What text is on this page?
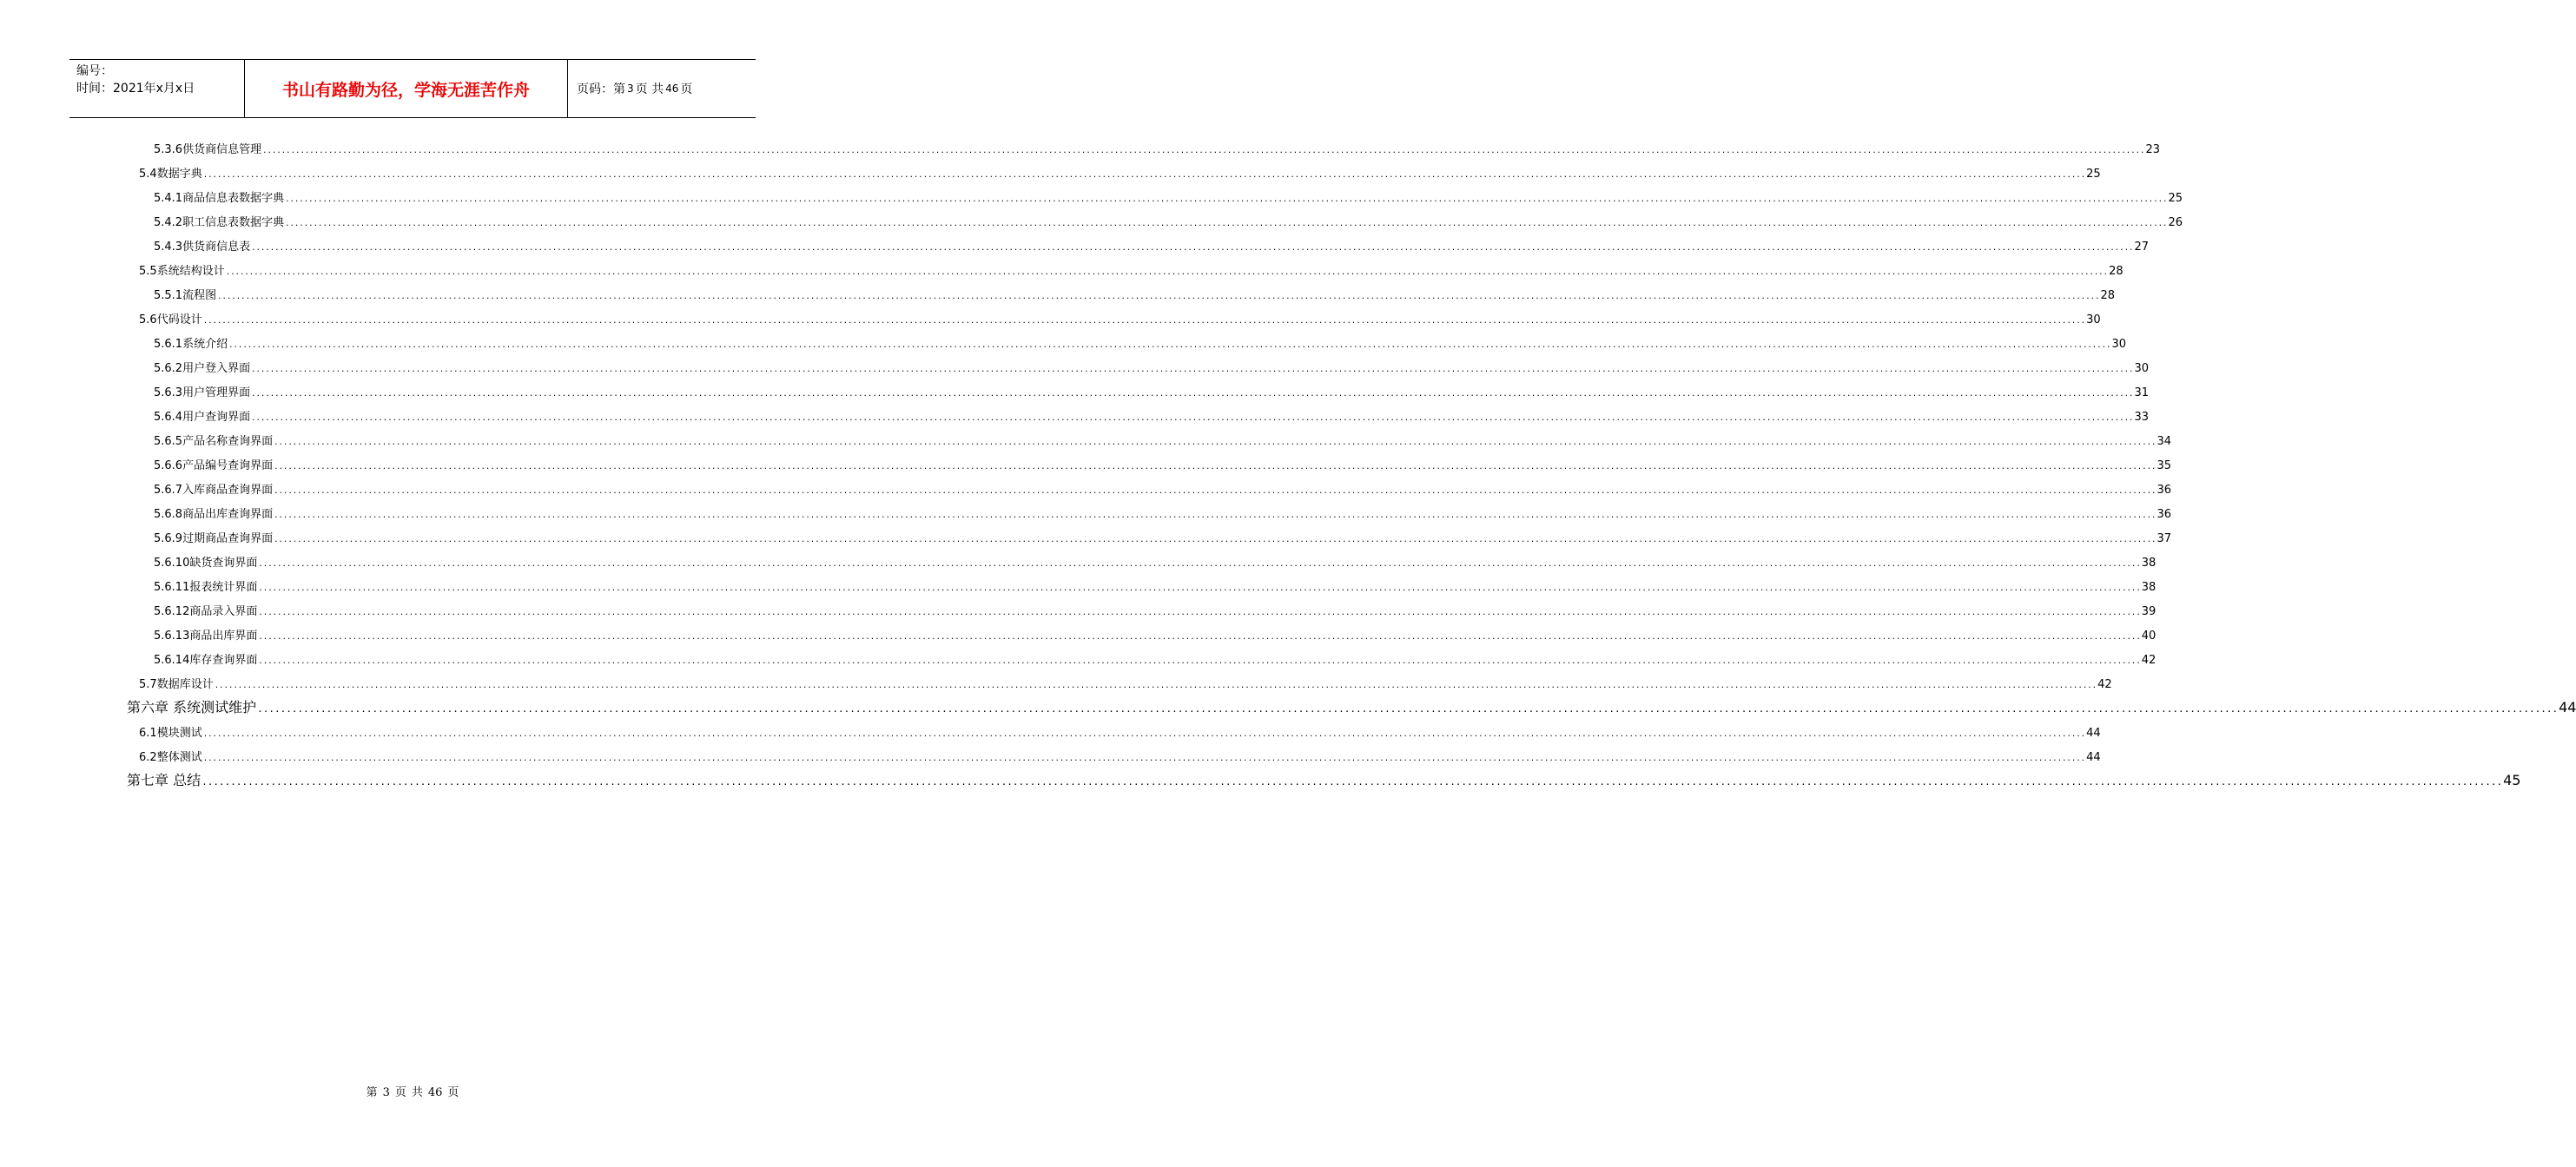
编号：
时间：2021年x月x日	书山有路勤为径，学海无涯苦作舟	页码：第 3 页 共 46 页
5.3.6 供货商信息管理 ................................................................................................................................................................................................................................................................................................................................................................................................................ 23
5.4 数据字典 ................................................................................................................................................................................................................................................................................................................................................................................................................ 25
5.4.1 商品信息表数据字典 ................................................................................................................................................................................................................................................................................................................................................................................................................ 25
5.4.2 职工信息表数据字典 ................................................................................................................................................................................................................................................................................................................................................................................................................ 26
5.4.3 供货商信息表 ................................................................................................................................................................................................................................................................................................................................................................................................................ 27
5.5 系统结构设计 ................................................................................................................................................................................................................................................................................................................................................................................................................ 28
5.5.1 流程图 ................................................................................................................................................................................................................................................................................................................................................................................................................ 28
5.6 代码设计 ................................................................................................................................................................................................................................................................................................................................................................................................................ 30
5.6.1 系统介绍 ................................................................................................................................................................................................................................................................................................................................................................................................................ 30
5.6.2 用户登入界面 ................................................................................................................................................................................................................................................................................................................................................................................................................ 30
5.6.3 用户管理界面 ................................................................................................................................................................................................................................................................................................................................................................................................................ 31
5.6.4 用户查询界面 ................................................................................................................................................................................................................................................................................................................................................................................................................ 33
5.6.5 产品名称查询界面 ................................................................................................................................................................................................................................................................................................................................................................................................................ 34
5.6.6 产品编号查询界面 ................................................................................................................................................................................................................................................................................................................................................................................................................ 35
5.6.7 入库商品查询界面 ................................................................................................................................................................................................................................................................................................................................................................................................................ 36
5.6.8 商品出库查询界面 ................................................................................................................................................................................................................................................................................................................................................................................................................ 36
5.6.9 过期商品查询界面 ................................................................................................................................................................................................................................................................................................................................................................................................................ 37
5.6.10 缺货查询界面 ................................................................................................................................................................................................................................................................................................................................................................................................................ 38
5.6.11 报表统计界面 ................................................................................................................................................................................................................................................................................................................................................................................................................ 38
5.6.12 商品录入界面 ................................................................................................................................................................................................................................................................................................................................................................................................................ 39
5.6.13 商品出库界面 ................................................................................................................................................................................................................................................................................................................................................................................................................ 40
5.6.14 库存查询界面 ................................................................................................................................................................................................................................................................................................................................................................................................................ 42
5.7 数据库设计 ................................................................................................................................................................................................................................................................................................................................................................................................................ 42
第六章 系统测试维护 ................................................................................................................................................................................................................................................................................................................................................................................................................ 44
6.1 模块测试 ................................................................................................................................................................................................................................................................................................................................................................................................................ 44
6.2 整体测试 ................................................................................................................................................................................................................................................................................................................................................................................................................ 44
第七章 总结 ................................................................................................................................................................................................................................................................................................................................................................................................................ 45
第 3 页 共 46 页
